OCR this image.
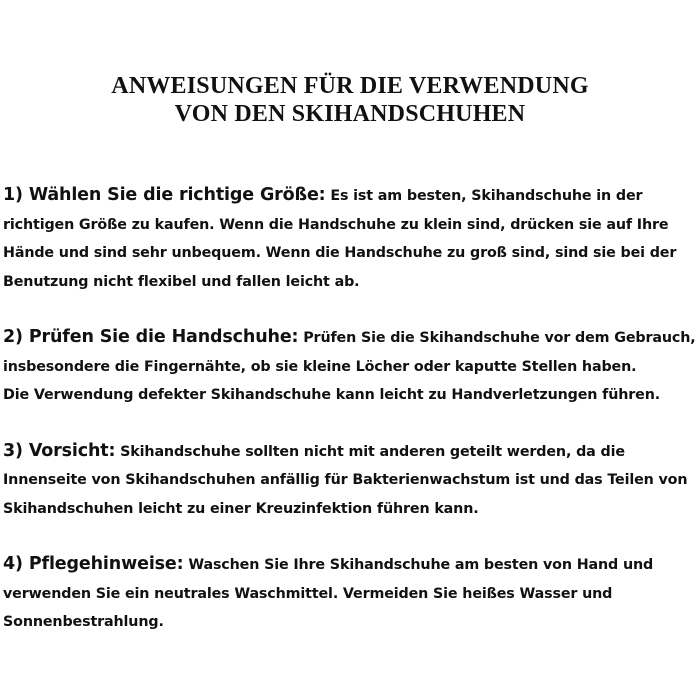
ANWEISUNGEN FÜR DIE VERWENDUNG
VON DEN SKIHANDSCHUHEN

1) Wählen Sie die richtige Größe: Es ist am besten, Skihandschuhe in der richtigen Größe zu kaufen. Wenn die Handschuhe zu klein sind, drücken sie auf Ihre Hände und sind sehr unbequem. Wenn die Handschuhe zu groß sind, sind sie bei der Benutzung nicht flexibel und fallen leicht ab.

2) Prüfen Sie die Handschuhe: Prüfen Sie die Skihandschuhe vor dem Gebrauch, insbesondere die Fingernähte, ob sie kleine Löcher oder kaputte Stellen haben.

Die Verwendung defekter Skihandschuhe kann leicht zu Handverletzungen führen.

3) Vorsicht: Skihandschuhe sollten nicht mit anderen geteilt werden, da die Innenseite von Skihandschuhen anfällig für Bakterienwachstum ist und das Teilen von Skihandschuhen leicht zu einer Kreuzinfektion führen kann.

4) Pflegehinweise: Waschen Sie Ihre Skihandschuhe am besten von Hand und verwenden Sie ein neutrales Waschmittel. Vermeiden Sie heißes Wasser und Sonnenbestrahlung.
